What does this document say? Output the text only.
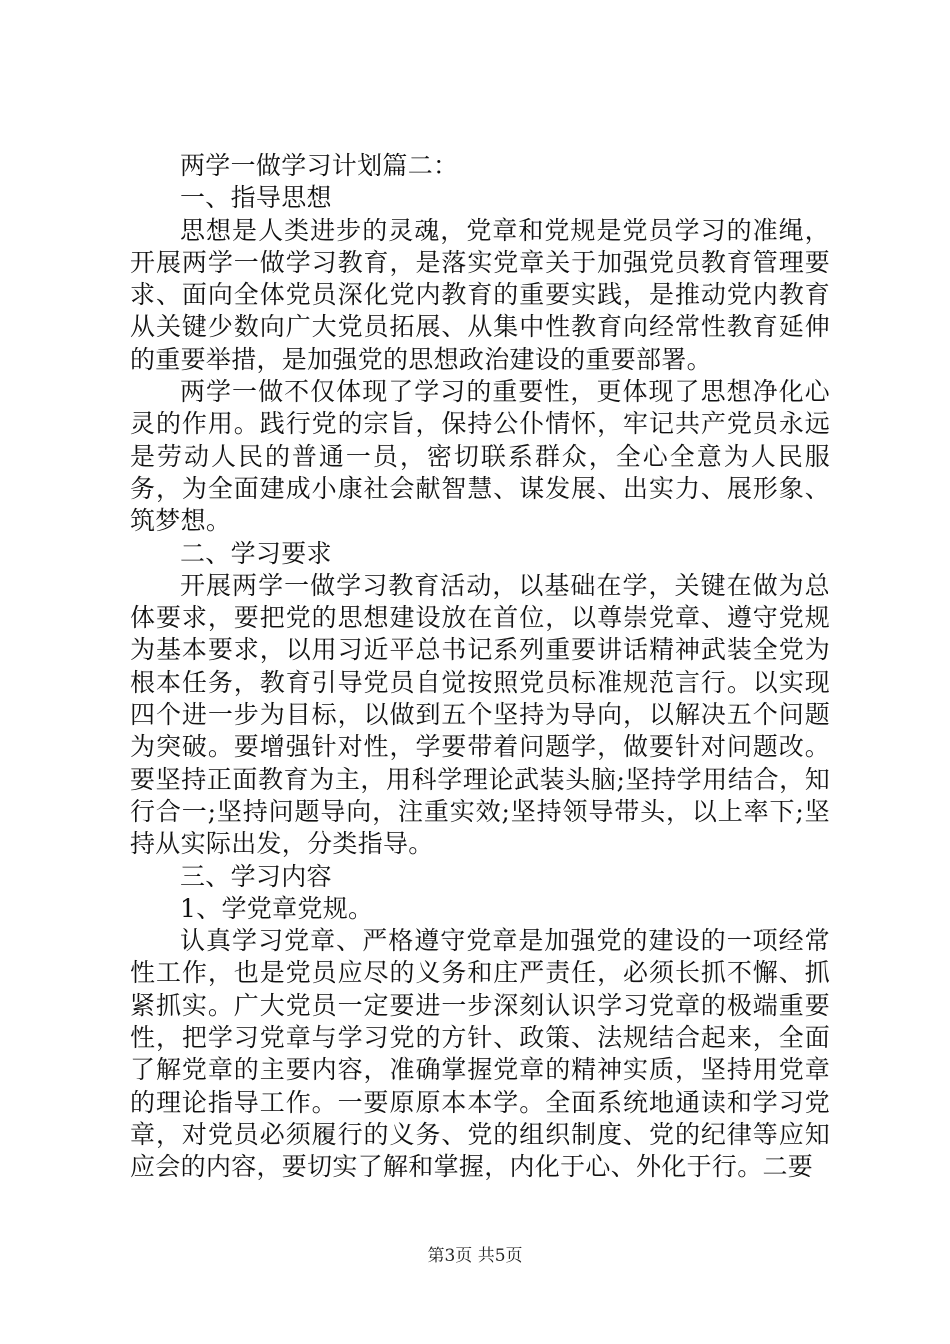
两学一做学习计划篇二：

一、指导思想

思想是人类进步的灵魂，党章和党规是党员学习的准绳，开展两学一做学习教育，是落实党章关于加强党员教育管理要求、面向全体党员深化党内教育的重要实践，是推动党内教育从关键少数向广大党员拓展、从集中性教育向经常性教育延伸的重要举措，是加强党的思想政治建设的重要部署。

两学一做不仅体现了学习的重要性，更体现了思想净化心灵的作用。践行党的宗旨，保持公仆情怀，牢记共产党员永远是劳动人民的普通一员，密切联系群众，全心全意为人民服务，为全面建成小康社会献智慧、谋发展、出实力、展形象、筑梦想。

二、学习要求

开展两学一做学习教育活动，以基础在学，关键在做为总体要求，要把党的思想建设放在首位，以尊崇党章、遵守党规为基本要求，以用习近平总书记系列重要讲话精神武装全党为根本任务，教育引导党员自觉按照党员标准规范言行。以实现四个进一步为目标，以做到五个坚持为导向，以解决五个问题为突破。要增强针对性，学要带着问题学，做要针对问题改。要坚持正面教育为主，用科学理论武装头脑;坚持学用结合，知行合一;坚持问题导向，注重实效;坚持领导带头，以上率下;坚持从实际出发，分类指导。

三、学习内容

1、学党章党规。

认真学习党章、严格遵守党章是加强党的建设的一项经常性工作，也是党员应尽的义务和庄严责任，必须长抓不懈、抓紧抓实。广大党员一定要进一步深刻认识学习党章的极端重要性，把学习党章与学习党的方针、政策、法规结合起来，全面了解党章的主要内容，准确掌握党章的精神实质，坚持用党章的理论指导工作。一要原原本本学。全面系统地通读和学习党章，对党员必须履行的义务、党的组织制度、党的纪律等应知应会的内容，要切实了解和掌握，内化于心、外化于行。二要

第3页 共5页
